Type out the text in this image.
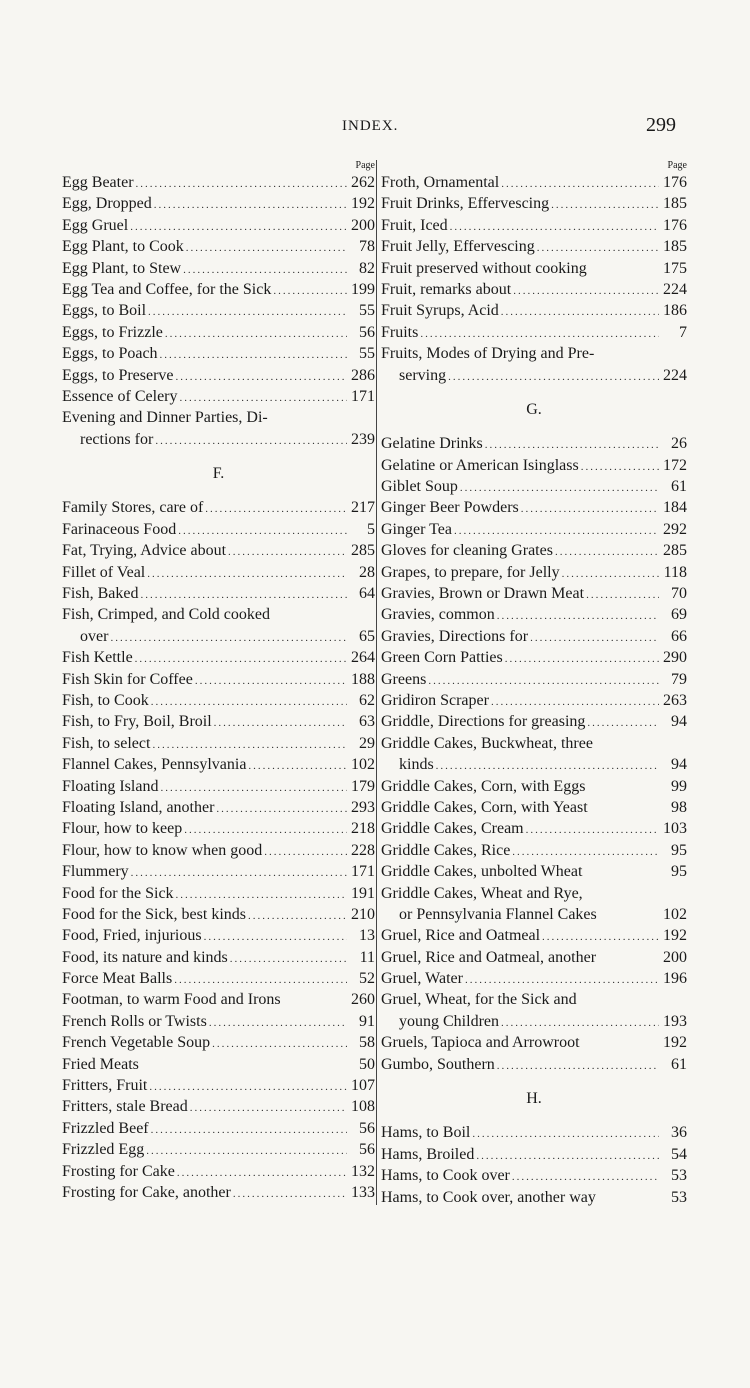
INDEX.	299
Page
Egg Beater .....	262
Egg, Dropped .....	192
Egg Gruel .....	200
Egg Plant, to Cook .....	78
Egg Plant, to Stew .....	82
Egg Tea and Coffee, for the Sick .....	199
Eggs, to Boil .....	55
Eggs, to Frizzle .....	56
Eggs, to Poach .....	55
Eggs, to Preserve .....	286
Essence of Celery .....	171
Evening and Dinner Parties, Di-
rections for .....	239
F.
Family Stores, care of .....	217
Farinaceous Food .....	5
Fat, Trying, Advice about .....	285
Fillet of Veal .....	28
Fish, Baked .....	64
Fish, Crimped, and Cold cooked
over .....	65
Fish Kettle .....	264
Fish Skin for Coffee .....	188
Fish, to Cook .....	62
Fish, to Fry, Boil, Broil .....	63
Fish, to select .....	29
Flannel Cakes, Pennsylvania .....	102
Floating Island .....	179
Floating Island, another .....	293
Flour, how to keep .....	218
Flour, how to know when good .....	228
Flummery .....	171
Food for the Sick .....	191
Food for the Sick, best kinds .....	210
Food, Fried, injurious .....	13
Food, its nature and kinds .....	11
Force Meat Balls .....	52
Footman, to warm Food and Irons	260
French Rolls or Twists .....	91
French Vegetable Soup .....	58
Fried Meats	50
Fritters, Fruit .....	107
Fritters, stale Bread .....	108
Frizzled Beef .....	56
Frizzled Egg .....	56
Frosting for Cake .....	132
Frosting for Cake, another .....	133
Page
Froth, Ornamental .....	176
Fruit Drinks, Effervescing .....	185
Fruit, Iced .....	176
Fruit Jelly, Effervescing .....	185
Fruit preserved without cooking	175
Fruit, remarks about .....	224
Fruit Syrups, Acid .....	186
Fruits .....	7
Fruits, Modes of Drying and Pre-
serving .....	224
G.
Gelatine Drinks .....	26
Gelatine or American Isinglass .....	172
Giblet Soup .....	61
Ginger Beer Powders .....	184
Ginger Tea .....	292
Gloves for cleaning Grates .....	285
Grapes, to prepare, for Jelly .....	118
Gravies, Brown or Drawn Meat .....	70
Gravies, common .....	69
Gravies, Directions for .....	66
Green Corn Patties .....	290
Greens .....	79
Gridiron Scraper .....	263
Griddle, Directions for greasing .....	94
Griddle Cakes, Buckwheat, three
kinds .....	94
Griddle Cakes, Corn, with Eggs	99
Griddle Cakes, Corn, with Yeast	98
Griddle Cakes, Cream .....	103
Griddle Cakes, Rice .....	95
Griddle Cakes, unbolted Wheat	95
Griddle Cakes, Wheat and Rye,
or Pennsylvania Flannel Cakes	102
Gruel, Rice and Oatmeal .....	192
Gruel, Rice and Oatmeal, another	200
Gruel, Water .....	196
Gruel, Wheat, for the Sick and
young Children .....	193
Gruels, Tapioca and Arrowroot	192
Gumbo, Southern .....	61
H.
Hams, to Boil .....	36
Hams, Broiled .....	54
Hams, to Cook over .....	53
Hams, to Cook over, another way	53
